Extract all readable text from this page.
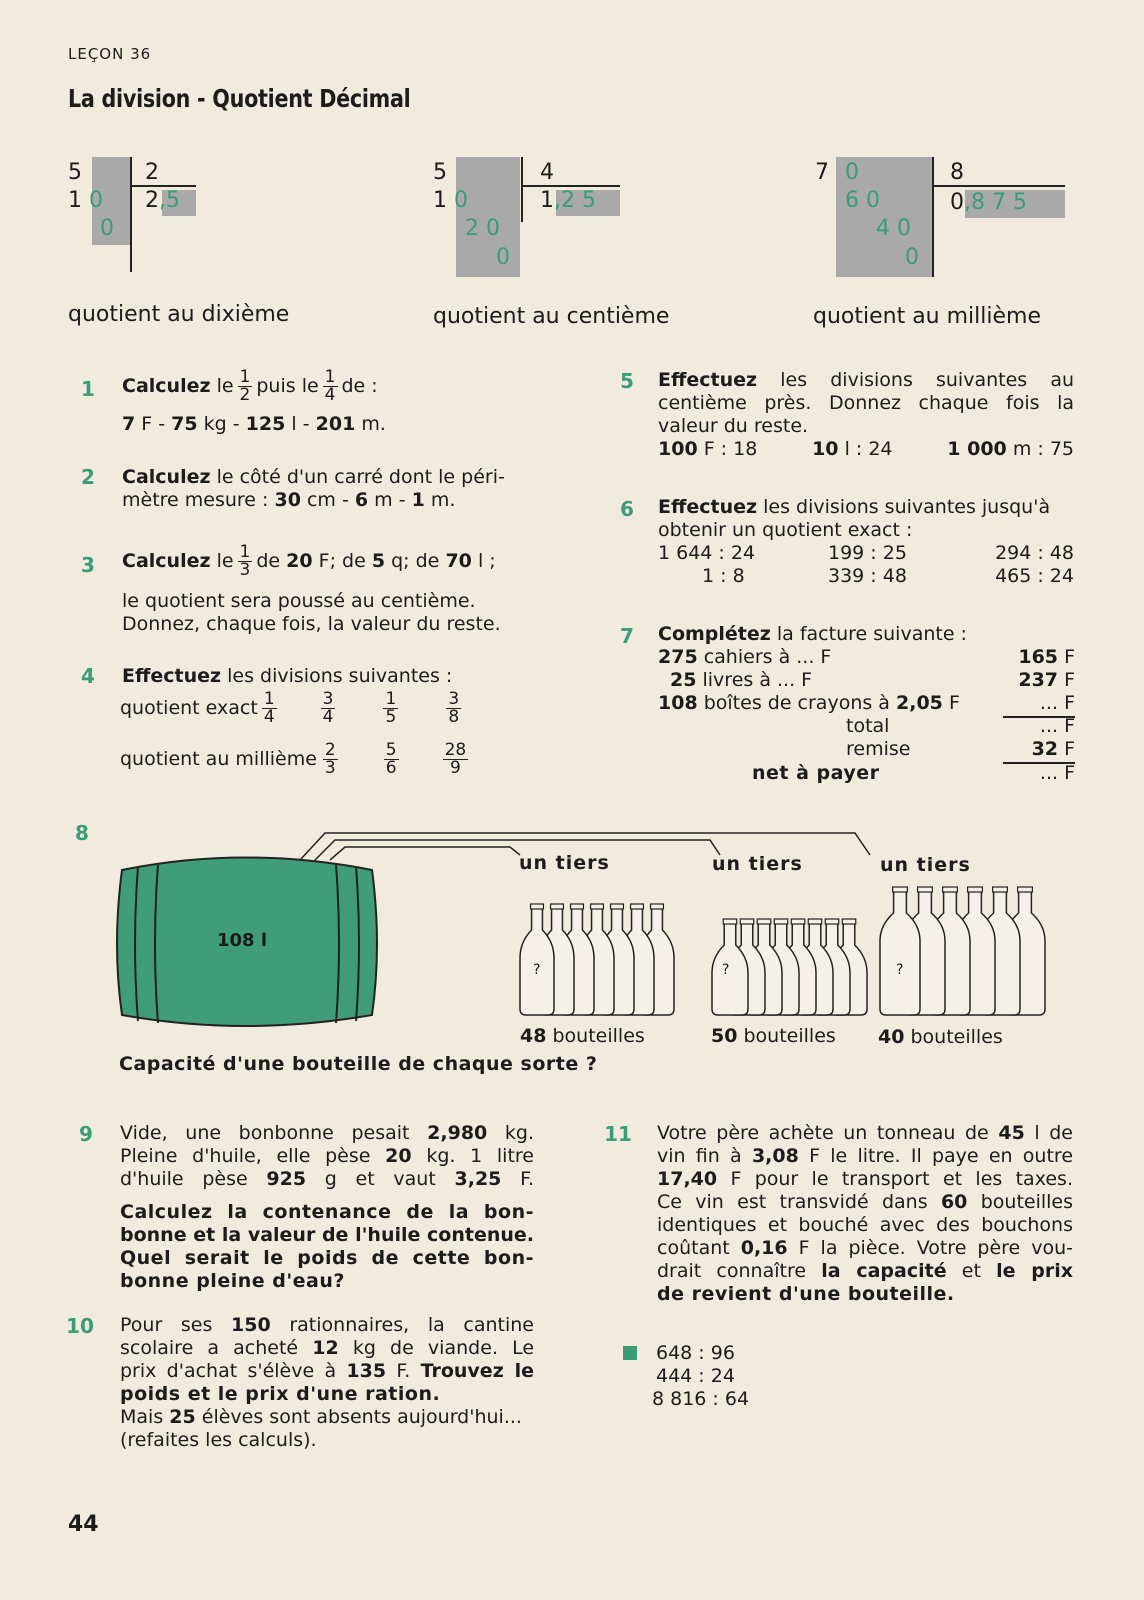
LEÇON 36
La division - Quotient Décimal
5
1 0
0
2
2,5
quotient au dixième
5
1 0
2 0
0
4
1,2 5
quotient au centième
7 0
6 0
4 0
0
8
0,8 7 5
quotient au millième
1	Calculez le $\frac{1}{2}$ puis le $\frac{1}{4}$ de :
7 F - 75 kg - 125 l - 201 m.
2	Calculez le côté d'un carré dont le péri-
mètre mesure : 30 cm - 6 m - 1 m.
3	Calculez le $\frac{1}{3}$ de 20 F; de 5 q; de 70 l ;
le quotient sera poussé au centième.
Donnez, chaque fois, la valeur du reste.
4	Effectuez les divisions suivantes :
quotient exact $\frac{1}{4}$	$\frac{3}{4}$	$\frac{1}{5}$	$\frac{3}{8}$
quotient au millième $\frac{2}{3}$	$\frac{5}{6}$	$\frac{28}{9}$
5	Effectuez les divisions suivantes au
centième près. Donnez chaque fois la
valeur du reste.
100 F : 18	10 l : 24	1 000 m : 75
6	Effectuez les divisions suivantes jusqu'à
obtenir un quotient exact :
1 644 : 24	199 : 25	294 : 48
1 : 8	339 : 48	465 : 24
7	Complétez la facture suivante :
275 cahiers à ... F	165 F
25 livres à ... F	237 F
108 boîtes de crayons à 2,05 F	... F
total	... F
remise	32 F
net à payer	... F
8
108 l
un tiers	un tiers	un tiers
?	?	?
48 bouteilles	50 bouteilles 40 bouteilles
Capacité d'une bouteille de chaque sorte ?
9	Vide, une bonbonne pesait 2,980 kg.
Pleine d'huile, elle pèse 20 kg. 1 litre
d'huile pèse 925 g et vaut 3,25 F.
Calculez la contenance de la bon-
bonne et la valeur de l'huile contenue.
Quel serait le poids de cette bon-
bonne pleine d'eau?
10	Pour ses 150 rationnaires, la cantine
scolaire a acheté 12 kg de viande. Le
prix d'achat s'élève à 135 F. Trouvez le
poids et le prix d'une ration.
Mais 25 élèves sont absents aujourd'hui...
(refaites les calculs).
11	Votre père achète un tonneau de 45 l de
vin fin à 3,08 F le litre. Il paye en outre
17,40 F pour le transport et les taxes.
Ce vin est transvidé dans 60 bouteilles
identiques et bouché avec des bouchons
coûtant 0,16 F la pièce. Votre père vou-
drait connaître la capacité et le prix
de revient d'une bouteille.
648 : 96
444 : 24
8 816 : 64
44
